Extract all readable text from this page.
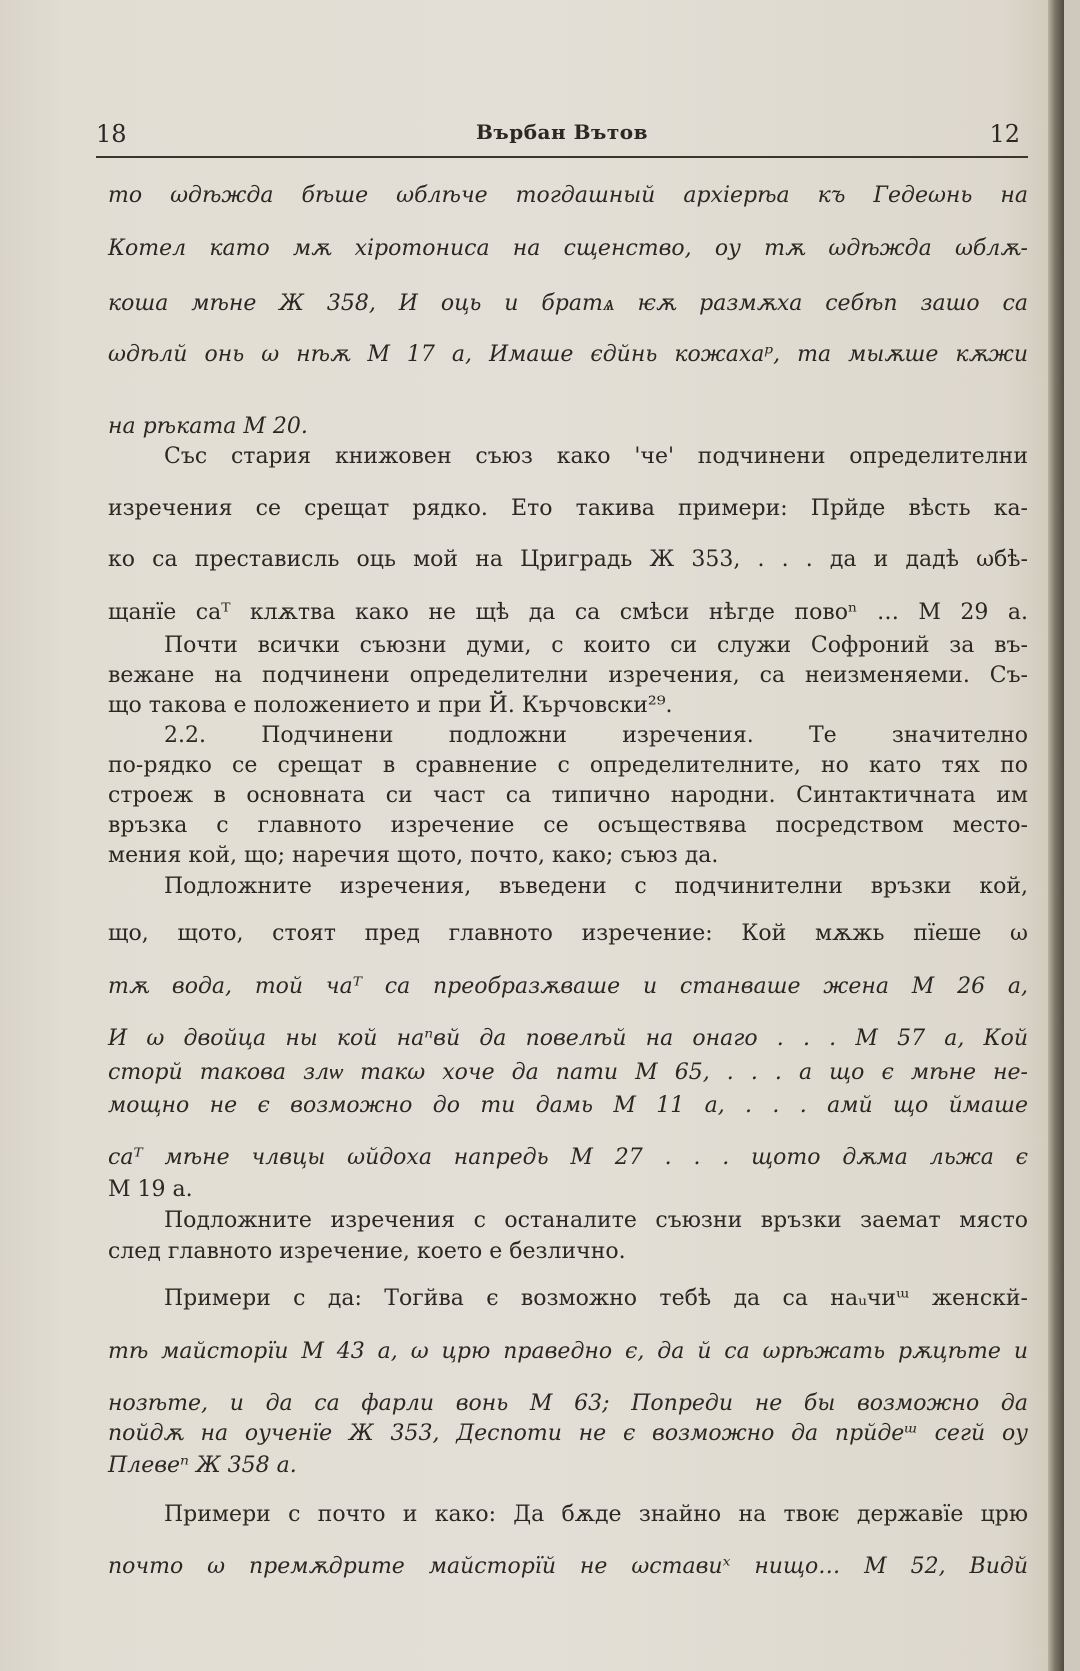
18	Върбан Вътов	12
то ωдѣжда бѣше ωблѣче тогдашный архіерѣа къ Гедеωнь на
Котел като мѫ хіротониса на сщенство, оу тѫ ωдѣжда ωблѫ-
коша мѣне Ж 358, И оць и братѧ ѥѫ размѫха себѣп зашо са
ωдѣлй онь ω нѣѫ М 17 а, Имаше єдйнь кожахаᵖ, та мыѫше кѫжи
на рѣката М 20.
Със стария книжовен съюз како 'че' подчинени определителни
изречения се срещат рядко. Ето такива примери: Прйде вѣсть ка-
ко са престависль оць мой на Цриградь Ж 353, . . . да и дадѣ ωбѣ-
щанїе саᵀ клѫтва како не щѣ да са смѣси нѣгде повоⁿ … М 29 а.
Почти всички съюзни думи, с които си служи Софроний за въ-
вежане на подчинени определителни изречения, са неизменяеми. Съ-
що такова е положението и при Й. Кърчовски²⁹.
2.2. Подчинени подложни изречения. Те значително
по-рядко се срещат в сравнение с определителните, но като тях по
строеж в основната си част са типично народни. Синтактичната им
връзка с главното изречение се осъществява посредством место-
мения кой, що; наречия щото, почто, како; съюз да.
Подложните изречения, въведени с подчинителни връзки кой,
що, щото, стоят пред главното изречение: Кой мѫжь пїеше ω
тѫ вода, той чаᵀ са преобразѫваше и станваше жена М 26 а,
И ω двойца ны кой наⁿвй да повелѣй на онаго . . . М 57 а, Кой
сторй такова злѡ такω хоче да пати М 65, . . . а що є мѣне не-
мощно не є возможно до ти дамь М 11 а, . . . амй що ймаше
саᵀ мѣне члвцы ωйдоха напредь М 27 . . . щото дѫма льжа є
М 19 а.
Подложните изречения с останалите съюзни връзки заемат място
след главното изречение, което е безлично.
Примери с да: Тогйва є возможно тебѣ да са наᵤчиᵚ женскй-
тѣ майсторїи М 43 а, ω црю праведно є, да й са ωрѣжать рѫцѣте и
нозѣте, и да са фарли вонь М 63; Попреди не бы возможно да
пойдѫ на оученїе Ж 353, Деспоти не є возможно да прйдеᵚ сегй оу
Плевеⁿ Ж 358 а.
Примери с почто и како: Да бѫде знайно на твоѥ державїе црю
почто ω премѫдрите майсторїй не ωставиˣ нищо… М 52, Видй
